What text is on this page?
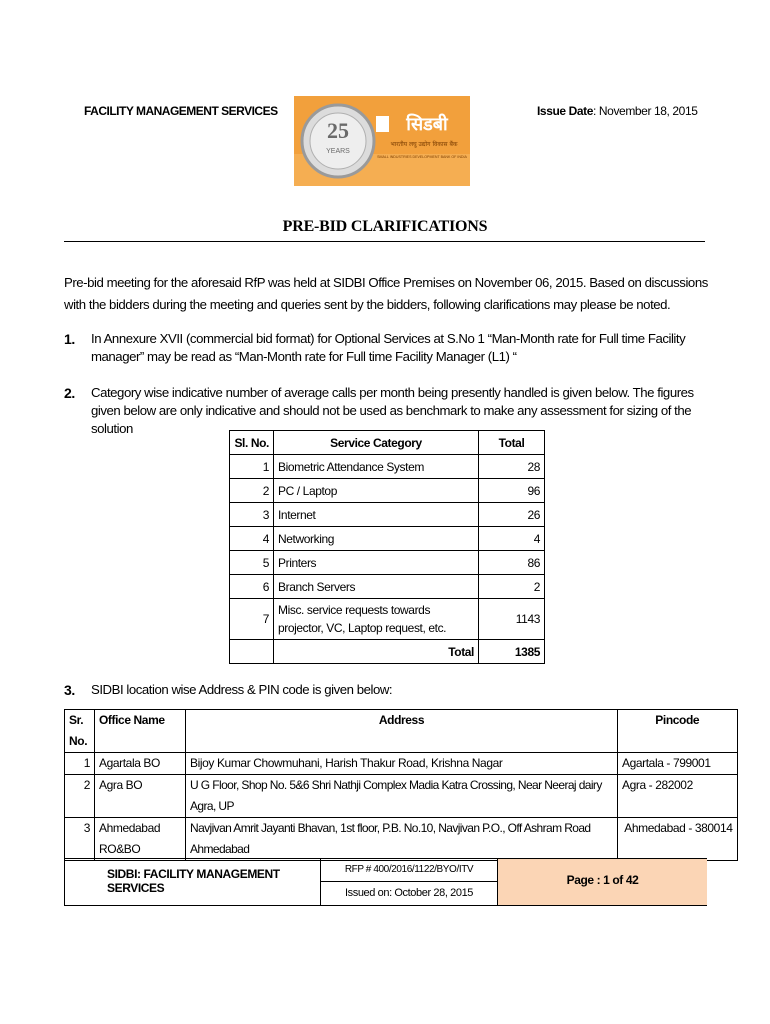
FACILITY MANAGEMENT SERVICES	Issue Date: November 18, 2015
25
YEARS
सिडबी
भारतीय लघु उद्योग विकास बैंक
SMALL INDUSTRIES DEVELOPMENT BANK OF INDIA
PRE-BID CLARIFICATIONS
Pre-bid meeting for the aforesaid RfP was held at SIDBI Office Premises on November 06, 2015. Based on discussions with the bidders during the meeting and queries sent by the bidders, following clarifications may please be noted.
1. In Annexure XVII (commercial bid format) for Optional Services at S.No 1 “Man-Month rate for Full time Facility manager” may be read as “Man-Month rate for Full time Facility Manager (L1) “
2. Category wise indicative number of average calls per month being presently handled is given below. The figures given below are only indicative and should not be used as benchmark to make any assessment for sizing of the solution
Sl. No.	Service Category	Total
1	Biometric Attendance System	28
2	PC / Laptop	96
3	Internet	26
4	Networking	4
5	Printers	86
6	Branch Servers	2
7	Misc. service requests towards projector, VC, Laptop request, etc.	1143
	Total	1385
3. SIDBI location wise Address & PIN code is given below:
Sr. No.	Office Name	Address	Pincode
1	Agartala BO	Bijoy Kumar Chowmuhani, Harish Thakur Road, Krishna Nagar	Agartala - 799001
2	Agra BO	U G Floor, Shop No. 5&6 Shri Nathji Complex Madia Katra Crossing, Near Neeraj dairy Agra, UP	Agra - 282002
3	Ahmedabad RO&BO	Navjivan Amrit Jayanti Bhavan, 1st floor, P.B. No.10, Navjivan P.O., Off Ashram Road Ahmedabad	Ahmedabad - 380014
SIDBI: FACILITY MANAGEMENT SERVICES
RFP # 400/2016/1122/BYO/ITV
Issued on: October 28, 2015
Page : 1 of 42
